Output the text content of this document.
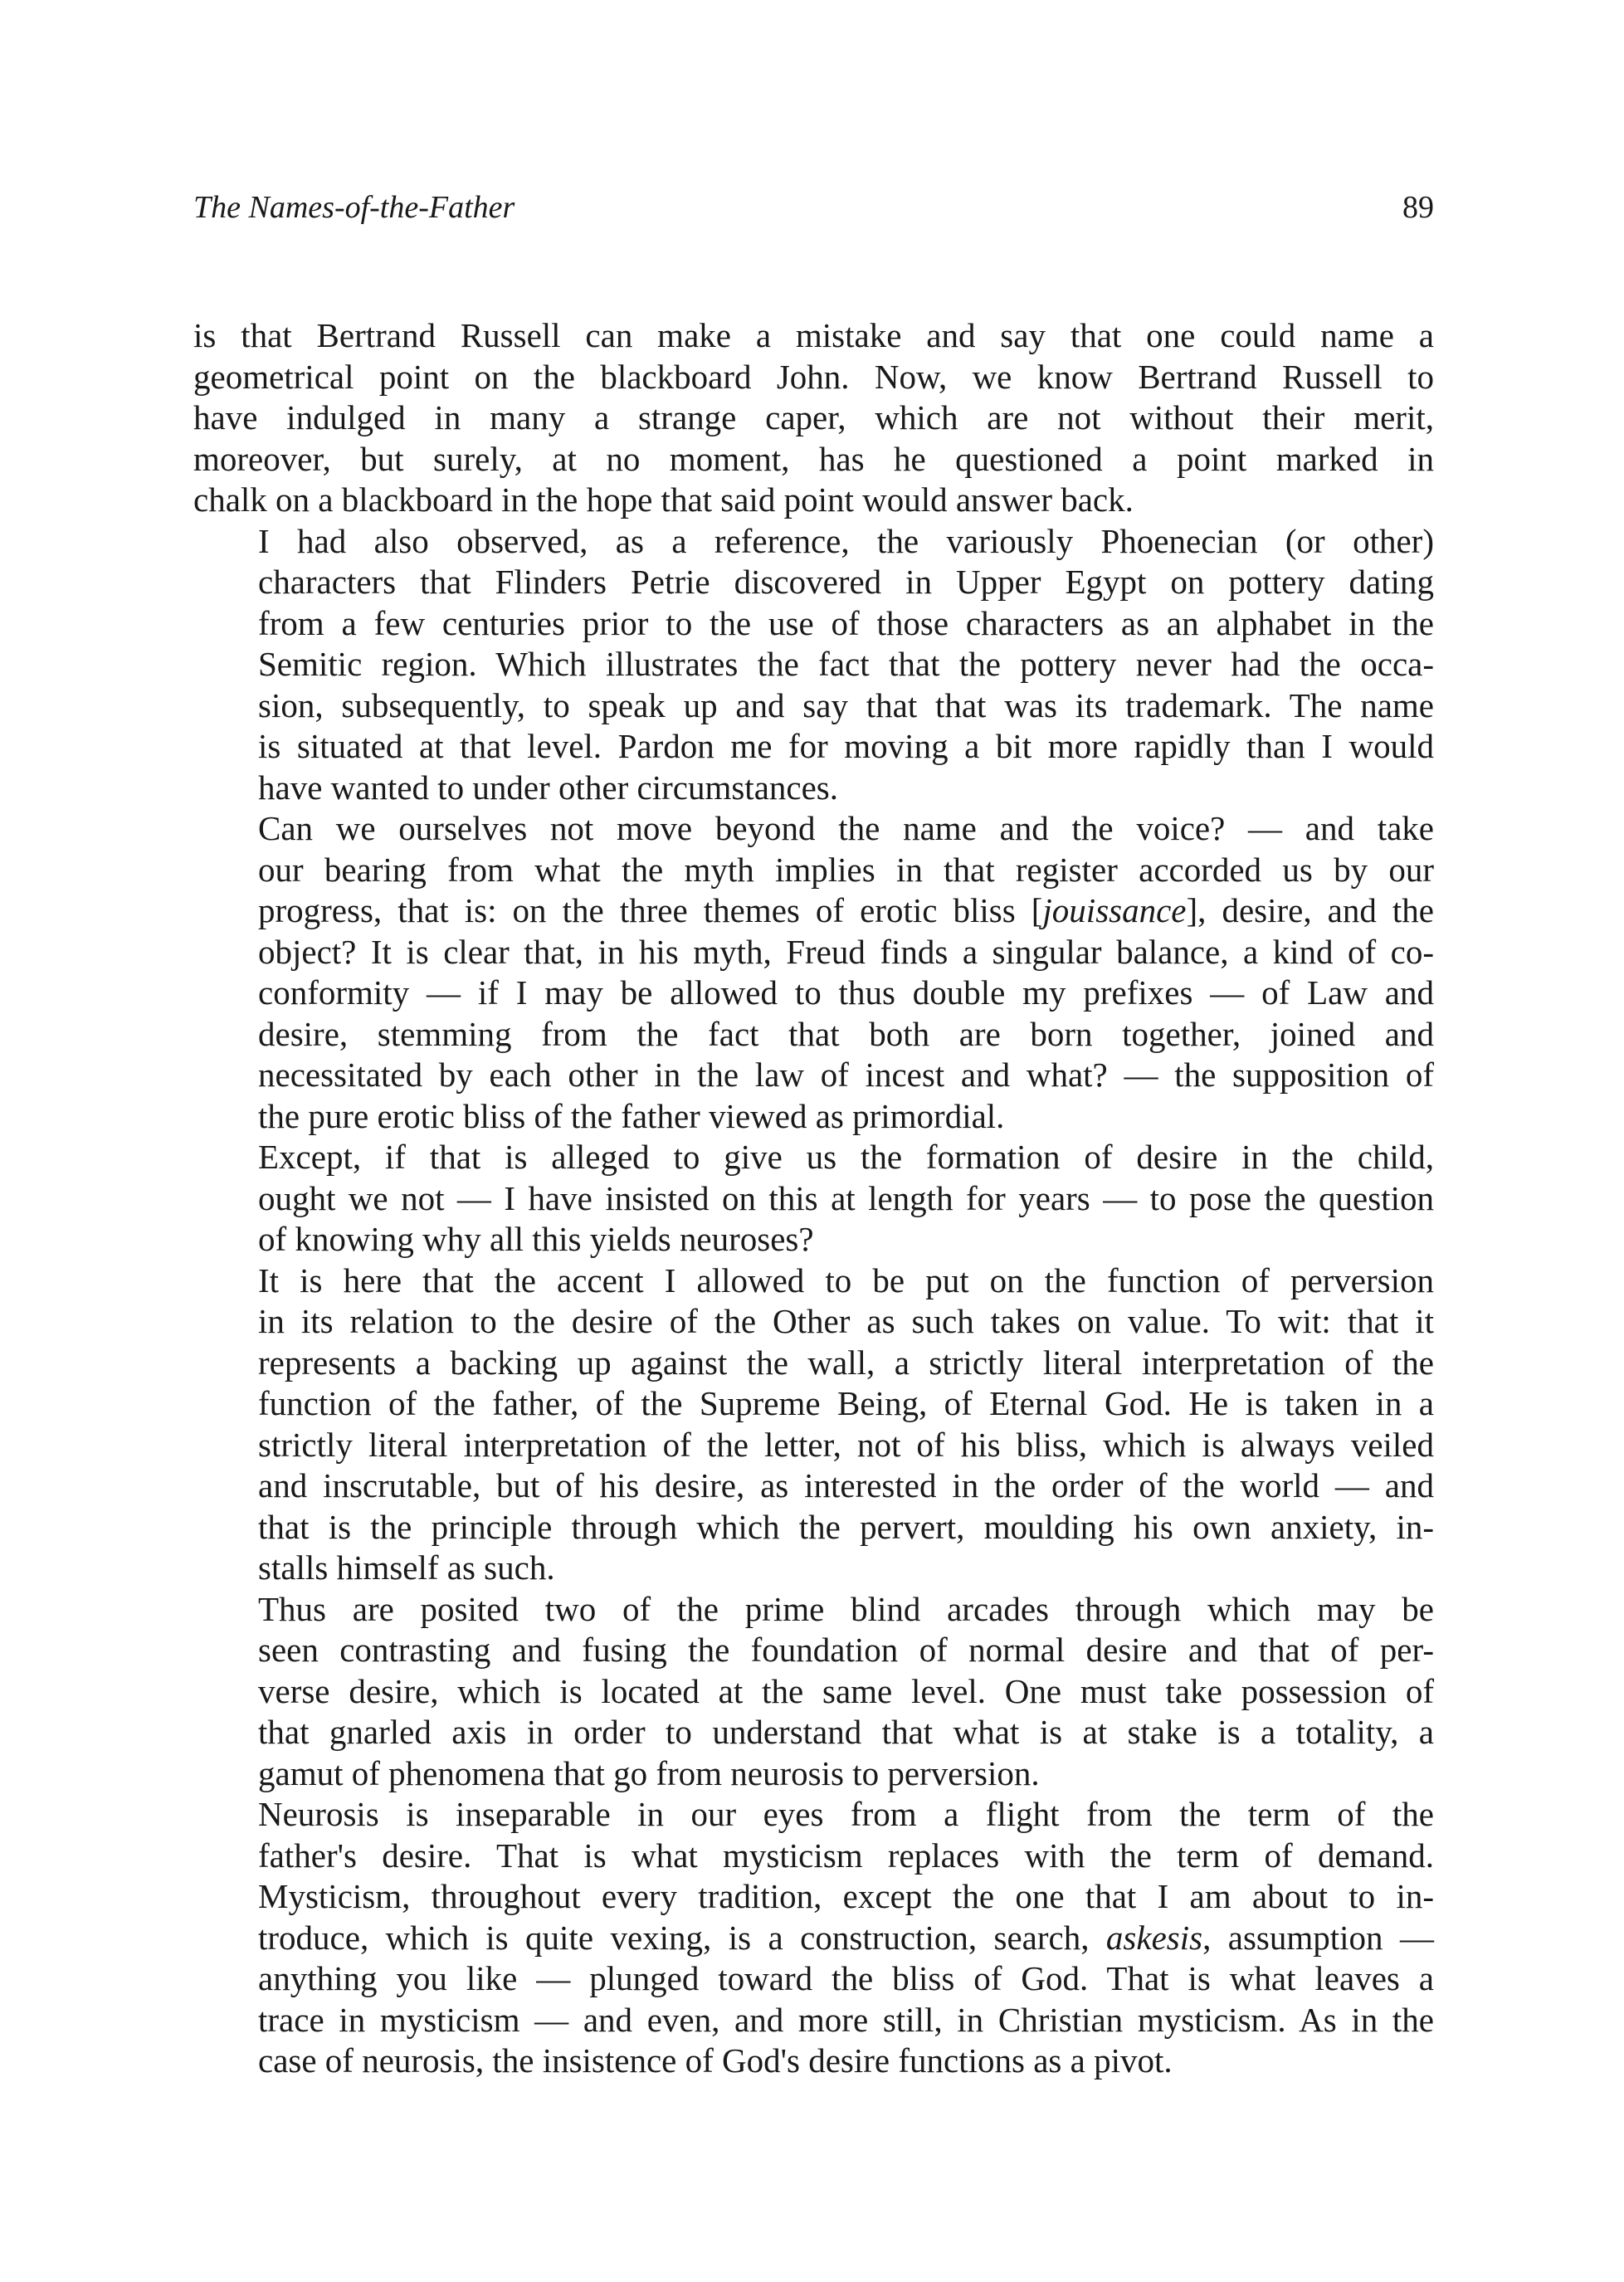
The Names-of-the-Father	89

is that Bertrand Russell can make a mistake and say that one could name a
geometrical point on the blackboard John. Now, we know Bertrand Russell to
have indulged in many a strange caper, which are not without their merit,
moreover, but surely, at no moment, has he questioned a point marked in
chalk on a blackboard in the hope that said point would answer back.

I had also observed, as a reference, the variously Phoenecian (or other)
characters that Flinders Petrie discovered in Upper Egypt on pottery dating
from a few centuries prior to the use of those characters as an alphabet in the
Semitic region. Which illustrates the fact that the pottery never had the occa-
sion, subsequently, to speak up and say that that was its trademark. The name
is situated at that level. Pardon me for moving a bit more rapidly than I would
have wanted to under other circumstances.

Can we ourselves not move beyond the name and the voice? — and take
our bearing from what the myth implies in that register accorded us by our
progress, that is: on the three themes of erotic bliss [jouissance], desire, and the
object? It is clear that, in his myth, Freud finds a singular balance, a kind of co-
conformity — if I may be allowed to thus double my prefixes — of Law and
desire, stemming from the fact that both are born together, joined and
necessitated by each other in the law of incest and what? — the supposition of
the pure erotic bliss of the father viewed as primordial.

Except, if that is alleged to give us the formation of desire in the child,
ought we not — I have insisted on this at length for years — to pose the question
of knowing why all this yields neuroses?

It is here that the accent I allowed to be put on the function of perversion
in its relation to the desire of the Other as such takes on value. To wit: that it
represents a backing up against the wall, a strictly literal interpretation of the
function of the father, of the Supreme Being, of Eternal God. He is taken in a
strictly literal interpretation of the letter, not of his bliss, which is always veiled
and inscrutable, but of his desire, as interested in the order of the world — and
that is the principle through which the pervert, moulding his own anxiety, in-
stalls himself as such.

Thus are posited two of the prime blind arcades through which may be
seen contrasting and fusing the foundation of normal desire and that of per-
verse desire, which is located at the same level. One must take possession of
that gnarled axis in order to understand that what is at stake is a totality, a
gamut of phenomena that go from neurosis to perversion.

Neurosis is inseparable in our eyes from a flight from the term of the
father's desire. That is what mysticism replaces with the term of demand.
Mysticism, throughout every tradition, except the one that I am about to in-
troduce, which is quite vexing, is a construction, search, askesis, assumption —
anything you like — plunged toward the bliss of God. That is what leaves a
trace in mysticism — and even, and more still, in Christian mysticism. As in the
case of neurosis, the insistence of God's desire functions as a pivot.
